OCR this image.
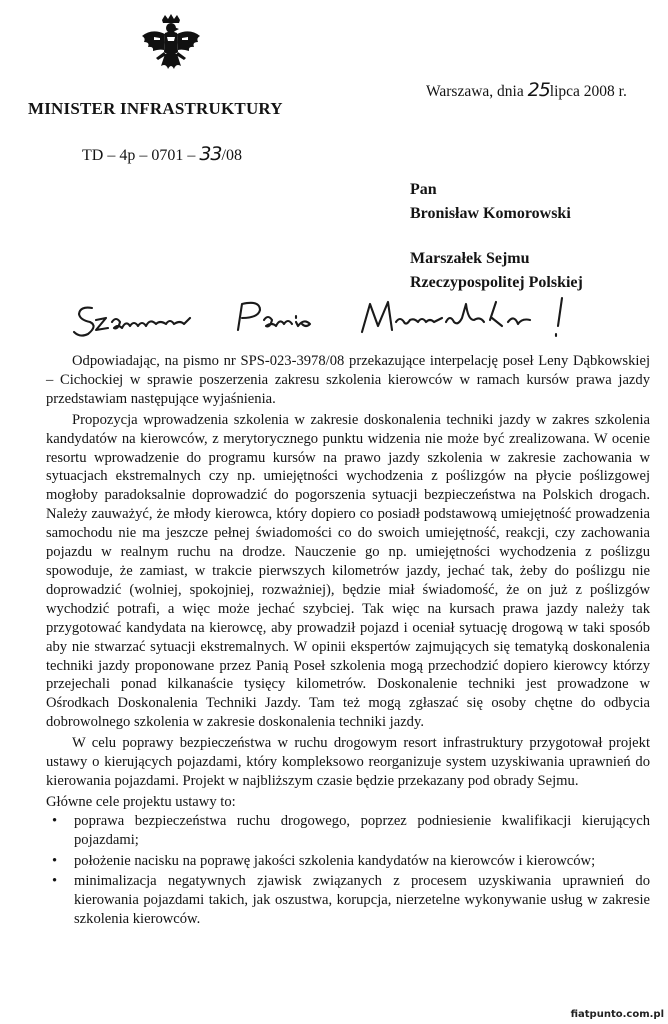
MINISTER INFRASTRUKTURY
TD – 4p – 0701 – 33/08
Warszawa, dnia 25lipca 2008 r.
Pan
Bronisław Komorowski
Marszałek Sejmu
Rzeczypospolitej Polskiej

Odpowiadając, na pismo nr SPS-023-3978/08 przekazujące interpelację poseł Leny Dąbkowskiej – Cichockiej w sprawie poszerzenia zakresu szkolenia kierowców w ramach kursów prawa jazdy przedstawiam następujące wyjaśnienia.

Propozycja wprowadzenia szkolenia w zakresie doskonalenia techniki jazdy w zakres szkolenia kandydatów na kierowców, z merytorycznego punktu widzenia nie może być zrealizowana. W ocenie resortu wprowadzenie do programu kursów na prawo jazdy szkolenia w zakresie zachowania w sytuacjach ekstremalnych czy np. umiejętności wychodzenia z poślizgów na płycie poślizgowej mogłoby paradoksalnie doprowadzić do pogorszenia sytuacji bezpieczeństwa na Polskich drogach. Należy zauważyć, że młody kierowca, który dopiero co posiadł podstawową umiejętność prowadzenia samochodu nie ma jeszcze pełnej świadomości co do swoich umiejętność, reakcji, czy zachowania pojazdu w realnym ruchu na drodze. Nauczenie go np. umiejętności wychodzenia z poślizgu spowoduje, że zamiast, w trakcie pierwszych kilometrów jazdy, jechać tak, żeby do poślizgu nie doprowadzić (wolniej, spokojniej, rozważniej), będzie miał świadomość, że on już z poślizgów wychodzić potrafi, a więc może jechać szybciej. Tak więc na kursach prawa jazdy należy tak przygotować kandydata na kierowcę, aby prowadził pojazd i oceniał sytuację drogową w taki sposób aby nie stwarzać sytuacji ekstremalnych. W opinii ekspertów zajmujących się tematyką doskonalenia techniki jazdy proponowane przez Panią Poseł szkolenia mogą przechodzić dopiero kierowcy którzy przejechali ponad kilkanaście tysięcy kilometrów. Doskonalenie techniki jest prowadzone w Ośrodkach Doskonalenia Techniki Jazdy. Tam też mogą zgłaszać się osoby chętne do odbycia dobrowolnego szkolenia w zakresie doskonalenia techniki jazdy.

W celu poprawy bezpieczeństwa w ruchu drogowym resort infrastruktury przygotował projekt ustawy o kierujących pojazdami, który kompleksowo reorganizuje system uzyskiwania uprawnień do kierowania pojazdami. Projekt w najbliższym czasie będzie przekazany pod obrady Sejmu.

Główne cele projektu ustawy to:

• poprawa bezpieczeństwa ruchu drogowego, poprzez podniesienie kwalifikacji kierujących pojazdami;
• położenie nacisku na poprawę jakości szkolenia kandydatów na kierowców i kierowców;
• minimalizacja negatywnych zjawisk związanych z procesem uzyskiwania uprawnień do kierowania pojazdami takich, jak oszustwa, korupcja, nierzetelne wykonywanie usług w zakresie szkolenia kierowców.
fiatpunto.com.pl
